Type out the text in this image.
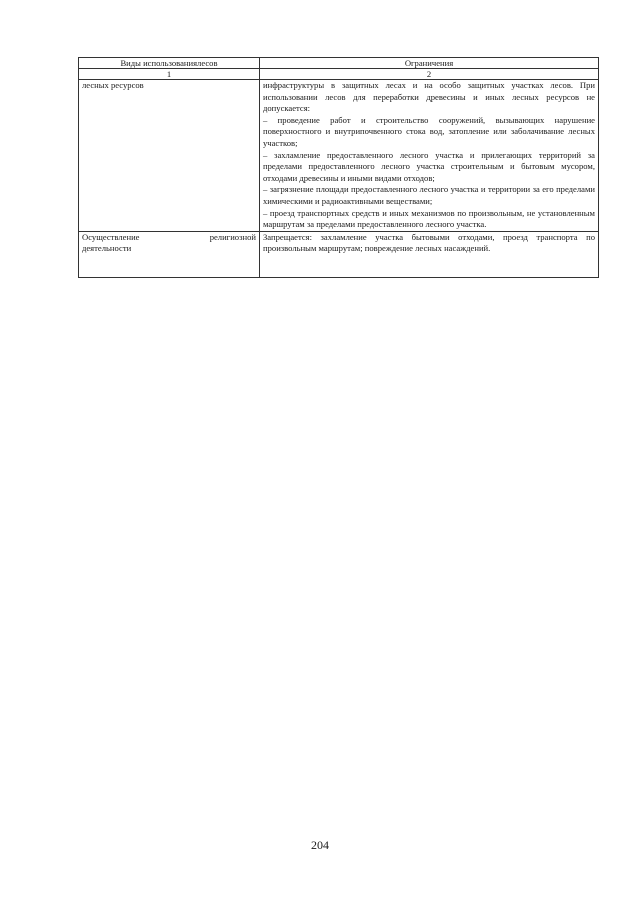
Виды использованиялесов	Ограничения
1	2
лесных ресурсов	инфраструктуры в защитных лесах и на особо защитных участках лесов. При использовании лесов для переработки древесины и иных лесных ресурсов не допускается:
– проведение работ и строительство сооружений, вызывающих нарушение поверхностного и внутрипочвенного стока вод, затопление или заболачивание лесных участков;
– захламление предоставленного лесного участка и прилегающих территорий за пределами предоставленного лесного участка строительным и бытовым мусором, отходами древесины и иными видами отходов;
– загрязнение площади предоставленного лесного участка и территории за его пределами химическими и радиоактивными веществами;
– проезд транспортных средств и иных механизмов по произвольным, не установленным маршрутам за пределами предоставленного лесного участка.

Осуществление религиозной
деятельности	Запрещается: захламление участка бытовыми отходами, проезд транспорта по произвольным маршрутам; повреждение лесных насаждений.
204
